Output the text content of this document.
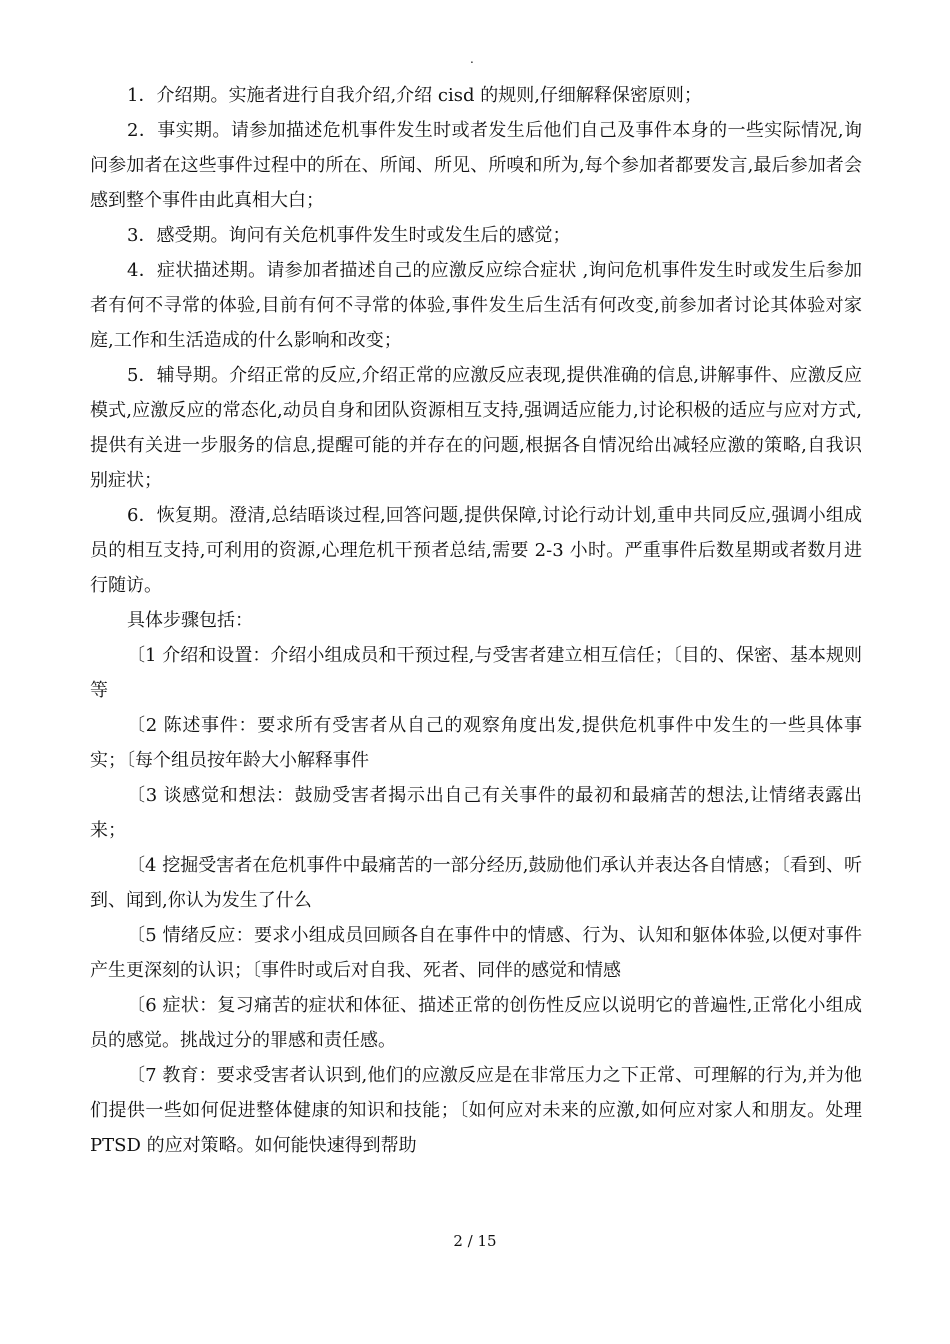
.

1．介绍期。实施者进行自我介绍,介绍 cisd 的规则,仔细解释保密原则；

2．事实期。请参加描述危机事件发生时或者发生后他们自己及事件本身的一些实际情况,询问参加者在这些事件过程中的所在、所闻、所见、所嗅和所为,每个参加者都要发言,最后参加者会感到整个事件由此真相大白；

3．感受期。询问有关危机事件发生时或发生后的感觉；

4．症状描述期。请参加者描述自己的应激反应综合症状 ,询问危机事件发生时或发生后参加者有何不寻常的体验,目前有何不寻常的体验,事件发生后生活有何改变,前参加者讨论其体验对家庭,工作和生活造成的什么影响和改变；

5．辅导期。介绍正常的反应,介绍正常的应激反应表现,提供准确的信息,讲解事件、应激反应模式,应激反应的常态化,动员自身和团队资源相互支持,强调适应能力,讨论积极的适应与应对方式,提供有关进一步服务的信息,提醒可能的并存在的问题,根据各自情况给出减轻应激的策略,自我识别症状；

6．恢复期。澄清,总结晤谈过程,回答问题,提供保障,讨论行动计划,重申共同反应,强调小组成员的相互支持,可利用的资源,心理危机干预者总结,需要 2-3 小时。严重事件后数星期或者数月进行随访。

具体步骤包括：

〔1 介绍和设置：介绍小组成员和干预过程,与受害者建立相互信任；〔目的、保密、基本规则等

〔2 陈述事件：要求所有受害者从自己的观察角度出发,提供危机事件中发生的一些具体事实；〔每个组员按年龄大小解释事件

〔3 谈感觉和想法：鼓励受害者揭示出自己有关事件的最初和最痛苦的想法,让情绪表露出来；

〔4 挖掘受害者在危机事件中最痛苦的一部分经历,鼓励他们承认并表达各自情感；〔看到、听到、闻到,你认为发生了什么

〔5 情绪反应：要求小组成员回顾各自在事件中的情感、行为、认知和躯体体验,以便对事件产生更深刻的认识；〔事件时或后对自我、死者、同伴的感觉和情感

〔6 症状：复习痛苦的症状和体征、描述正常的创伤性反应以说明它的普遍性,正常化小组成员的感觉。挑战过分的罪感和责任感。

〔7 教育：要求受害者认识到,他们的应激反应是在非常压力之下正常、可理解的行为,并为他们提供一些如何促进整体健康的知识和技能；〔如何应对未来的应激,如何应对家人和朋友。处理 PTSD 的应对策略。如何能快速得到帮助

2 / 15
